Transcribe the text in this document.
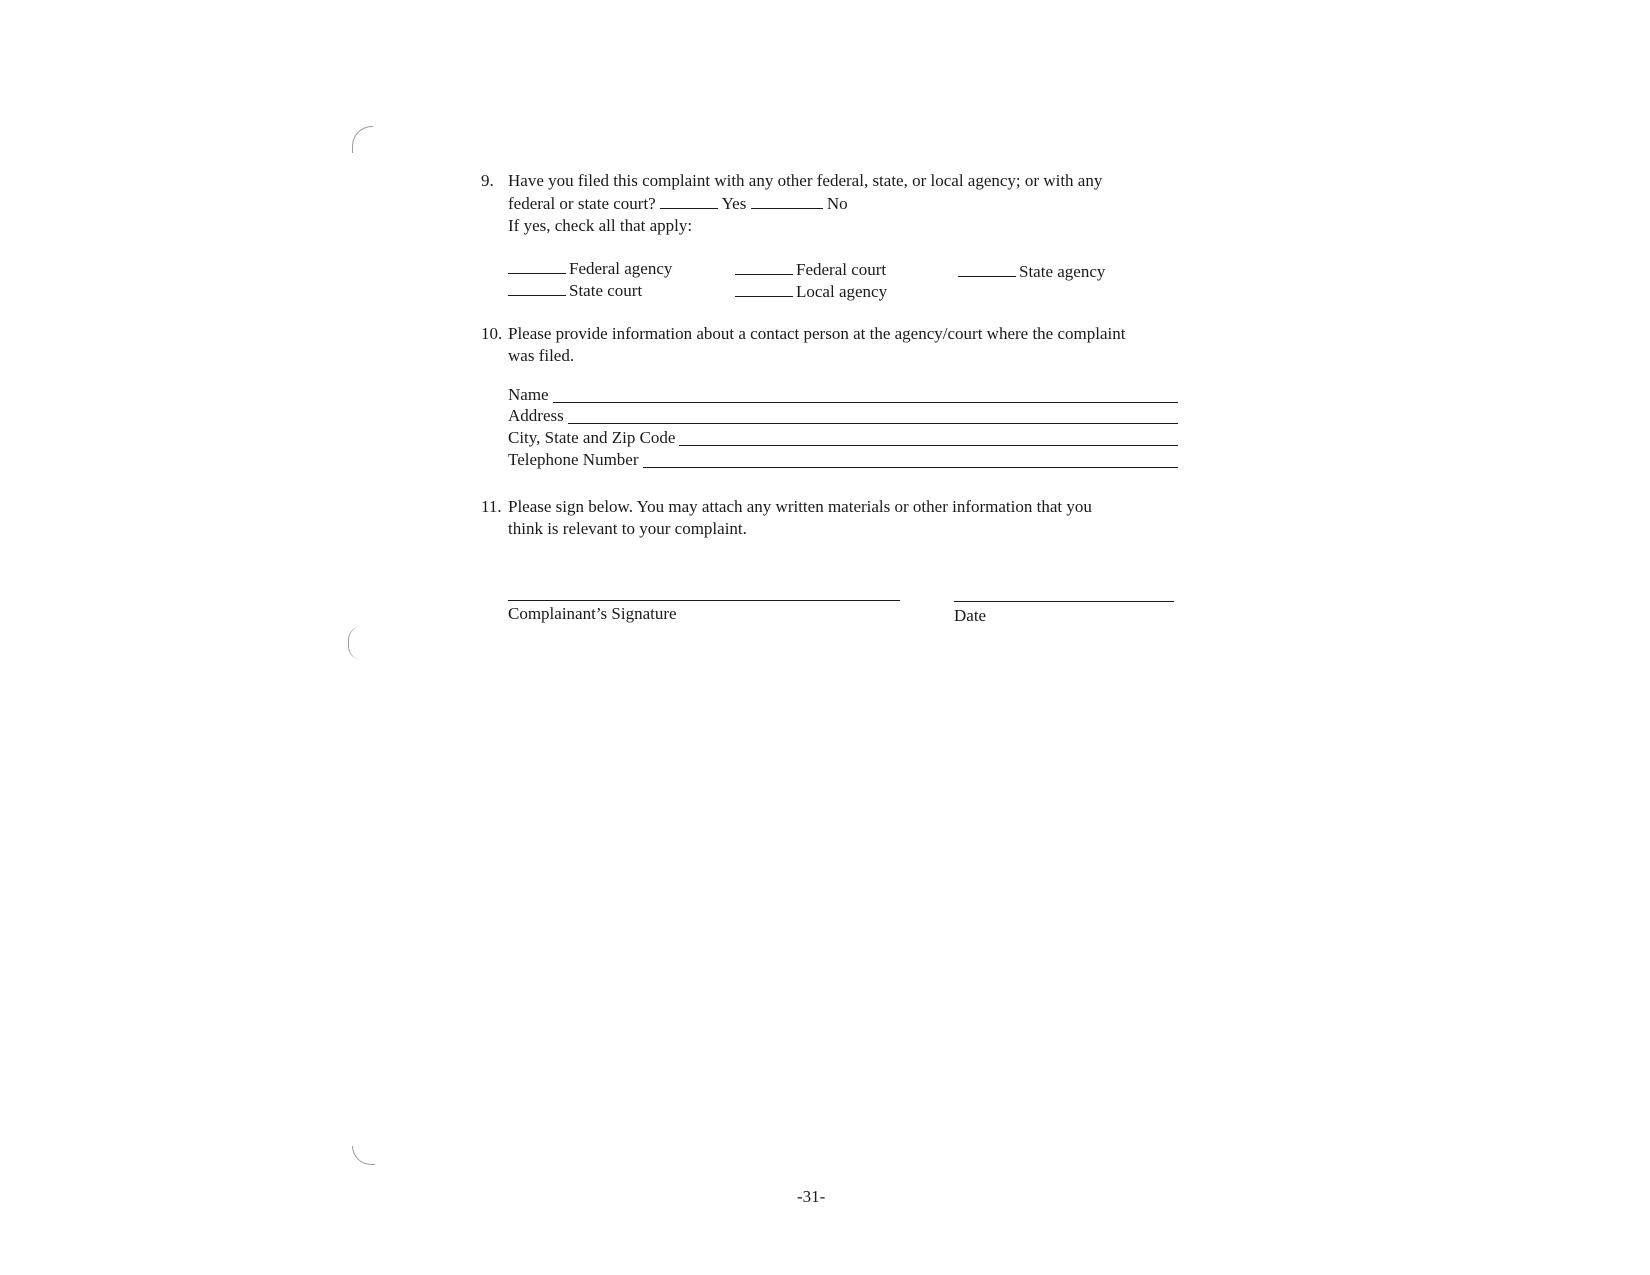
9. Have you filed this complaint with any other federal, state, or local agency; or with any
federal or state court?	Yes	No
If yes, check all that apply:
Federal agency	Federal court	State agency
State court	Local agency
10. Please provide information about a contact person at the agency/court where the complaint
was filed.
Name
Address
City, State and Zip Code
Telephone Number
11. Please sign below. You may attach any written materials or other information that you
think is relevant to your complaint.
Complainant’s Signature	Date
-31-
